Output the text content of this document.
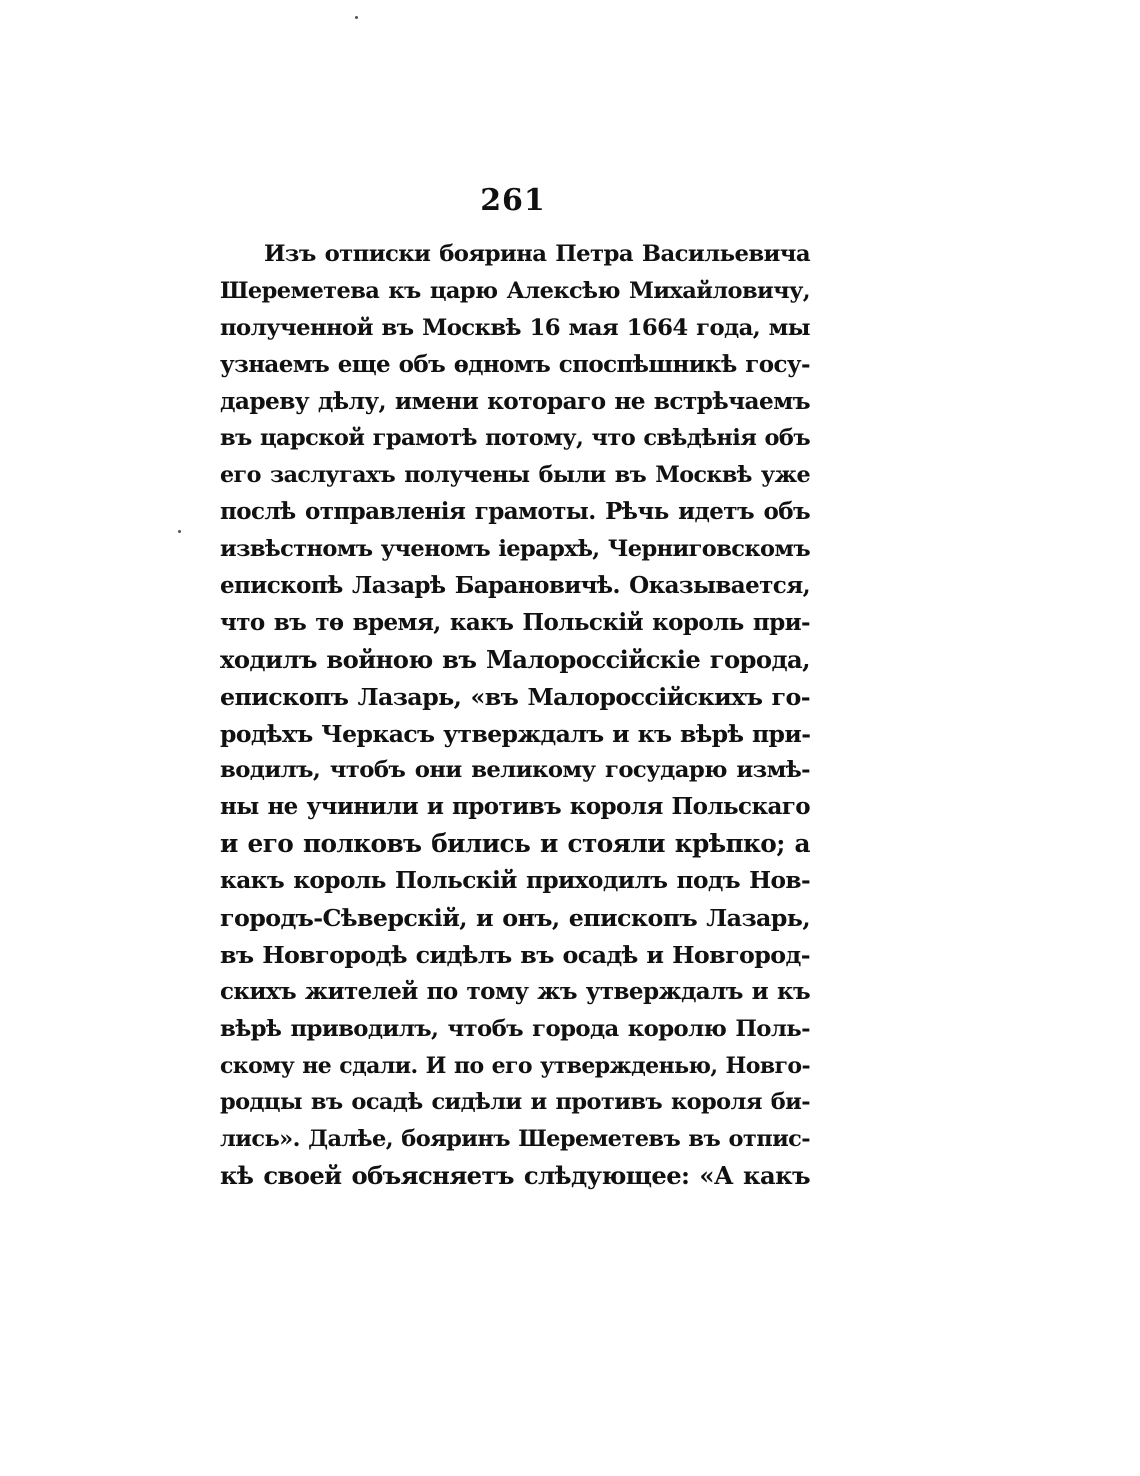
261
Изъ отписки боярина Петра Васильевича
Шереметева къ царю Алексѣю Михайловичу,
полученной въ Москвѣ 16 мая 1664 года, мы
узнаемъ еще объ ѳдномъ споспѣшникѣ госу-
дареву дѣлу, имени котораго не встрѣчаемъ
въ царской грамотѣ потому, что свѣдѣнія объ
его заслугахъ получены были въ Москвѣ уже
послѣ отправленія грамоты. Рѣчь идетъ объ
извѣстномъ ученомъ іерархѣ, Черниговскомъ
епископѣ Лазарѣ Барановичѣ. Оказывается,
что въ тѳ время, какъ Польскій король при-
ходилъ войною въ Малороссійскіе города,
епископъ Лазарь, «въ Малороссійскихъ го-
родѣхъ Черкасъ утверждалъ и къ вѣрѣ при-
водилъ, чтобъ они великому государю измѣ-
ны не учинили и противъ короля Польскаго
и его полковъ бились и стояли крѣпко; а
какъ король Польскій приходилъ подъ Нов-
городъ-Сѣверскій, и онъ, епископъ Лазарь,
въ Новгородѣ сидѣлъ въ осадѣ и Новгород-
скихъ жителей по тому жъ утверждалъ и къ
вѣрѣ приводилъ, чтобъ города королю Поль-
скому не сдали. И по его утвержденью, Новго-
родцы въ осадѣ сидѣли и противъ короля би-
лись». Далѣе, бояринъ Шереметевъ въ отпис-
кѣ своей объясняетъ слѣдующее: «А какъ
